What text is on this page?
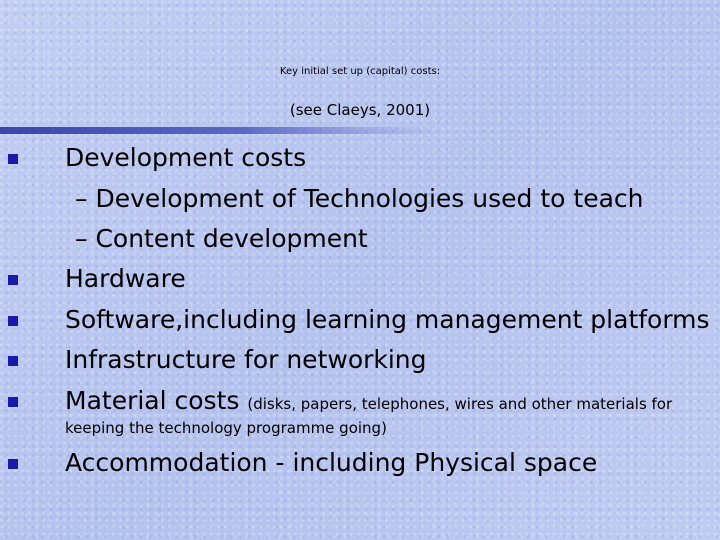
Key initial set up (capital) costs:
(see Claeys, 2001)
Development costs
– Development of Technologies used to teach
– Content development
Hardware
Software,including learning management platforms
Infrastructure for networking
Material costs (disks, papers, telephones, wires and other materials for
keeping the technology programme going)
Accommodation - including Physical space
